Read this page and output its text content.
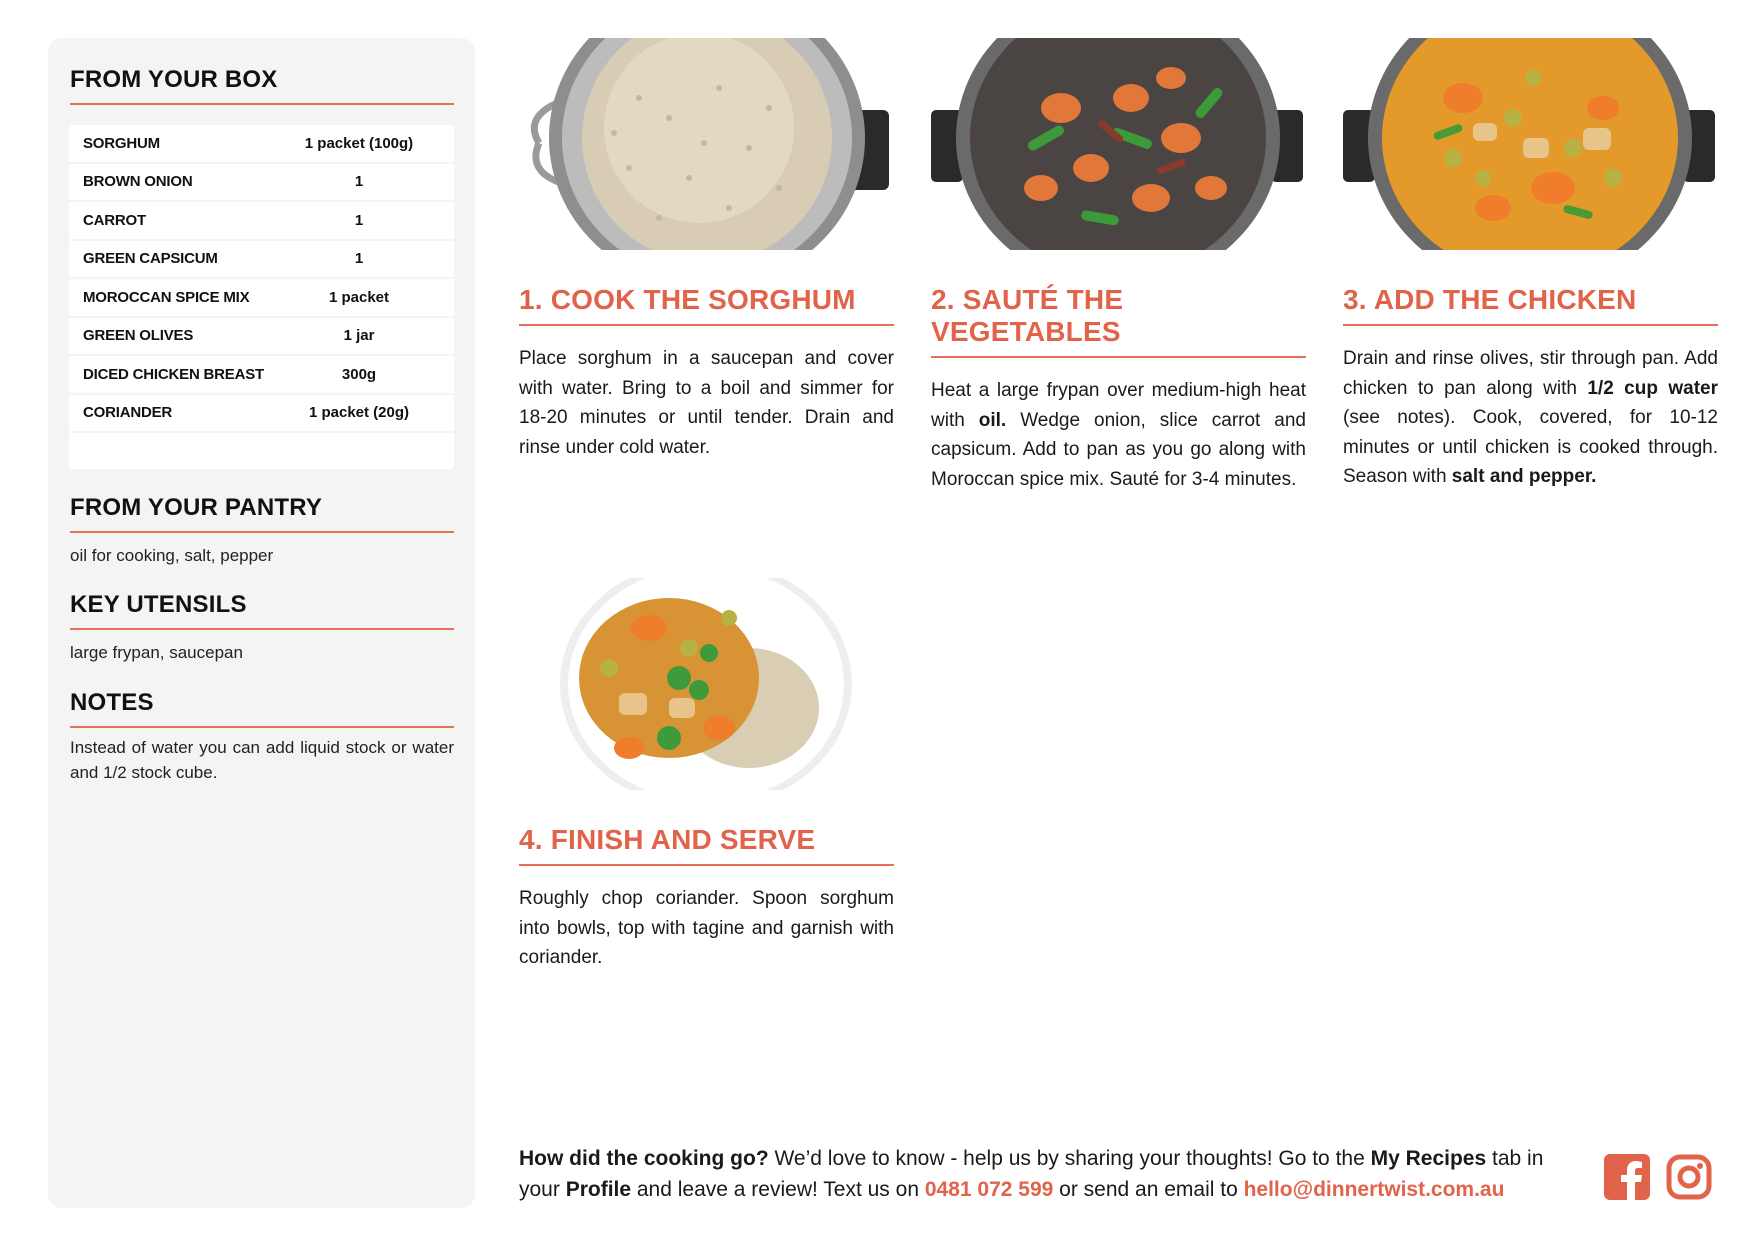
FROM YOUR BOX
SORGHUM	1 packet (100g)
BROWN ONION	1
CARROT	1
GREEN CAPSICUM	1
MOROCCAN SPICE MIX	1 packet
GREEN OLIVES	1 jar
DICED CHICKEN BREAST	300g
CORIANDER	1 packet (20g)
FROM YOUR PANTRY
oil for cooking, salt, pepper
KEY UTENSILS
large frypan, saucepan
NOTES
Instead of water you can add liquid stock or water and 1/2 stock cube.
1. COOK THE SORGHUM
Place sorghum in a saucepan and cover with water. Bring to a boil and simmer for 18-20 minutes or until tender. Drain and rinse under cold water.
2. SAUTÉ THE VEGETABLES
Heat a large frypan over medium-high heat with oil. Wedge onion, slice carrot and capsicum. Add to pan as you go along with Moroccan spice mix. Sauté for 3-4 minutes.
3. ADD THE CHICKEN
Drain and rinse olives, stir through pan. Add chicken to pan along with 1/2 cup water (see notes). Cook, covered, for 10-12 minutes or until chicken is cooked through. Season with salt and pepper.
4. FINISH AND SERVE
Roughly chop coriander. Spoon sorghum into bowls, top with tagine and garnish with coriander.
How did the cooking go? We’d love to know - help us by sharing your thoughts! Go to the My Recipes tab in your Profile and leave a review! Text us on 0481 072 599 or send an email to hello@dinnertwist.com.au
